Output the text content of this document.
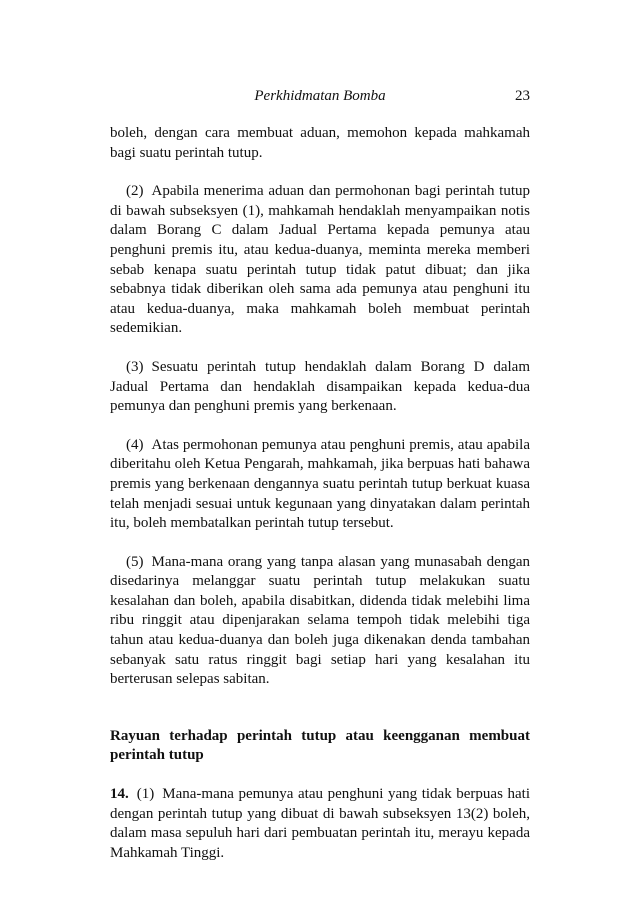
Perkhidmatan Bomba	23

boleh, dengan cara membuat aduan, memohon kepada mahkamah bagi suatu perintah tutup.

(2) Apabila menerima aduan dan permohonan bagi perintah tutup di bawah subseksyen (1), mahkamah hendaklah menyampaikan notis dalam Borang C dalam Jadual Pertama kepada pemunya atau penghuni premis itu, atau kedua-duanya, meminta mereka memberi sebab kenapa suatu perintah tutup tidak patut dibuat; dan jika sebabnya tidak diberikan oleh sama ada pemunya atau penghuni itu atau kedua-duanya, maka mahkamah boleh membuat perintah sedemikian.

(3) Sesuatu perintah tutup hendaklah dalam Borang D dalam Jadual Pertama dan hendaklah disampaikan kepada kedua-dua pemunya dan penghuni premis yang berkenaan.

(4) Atas permohonan pemunya atau penghuni premis, atau apabila diberitahu oleh Ketua Pengarah, mahkamah, jika berpuas hati bahawa premis yang berkenaan dengannya suatu perintah tutup berkuat kuasa telah menjadi sesuai untuk kegunaan yang dinyatakan dalam perintah itu, boleh membatalkan perintah tutup tersebut.

(5) Mana-mana orang yang tanpa alasan yang munasabah dengan disedarinya melanggar suatu perintah tutup melakukan suatu kesalahan dan boleh, apabila disabitkan, didenda tidak melebihi lima ribu ringgit atau dipenjarakan selama tempoh tidak melebihi tiga tahun atau kedua-duanya dan boleh juga dikenakan denda tambahan sebanyak satu ratus ringgit bagi setiap hari yang kesalahan itu berterusan selepas sabitan.

Rayuan terhadap perintah tutup atau keengganan membuat perintah tutup

14. (1) Mana-mana pemunya atau penghuni yang tidak berpuas hati dengan perintah tutup yang dibuat di bawah subseksyen 13(2) boleh, dalam masa sepuluh hari dari pembuatan perintah itu, merayu kepada Mahkamah Tinggi.
